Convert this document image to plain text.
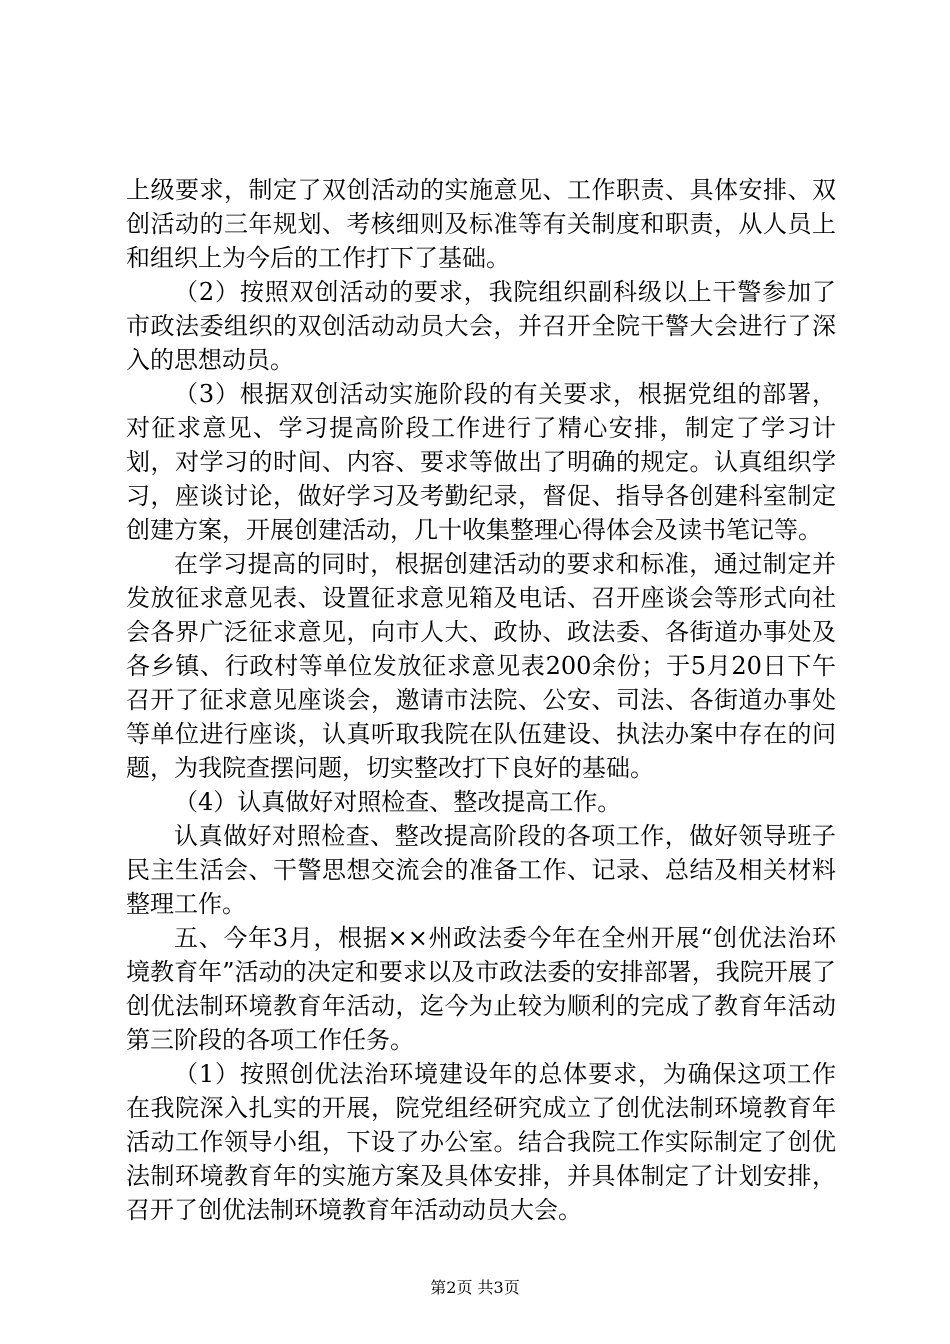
上级要求，制定了双创活动的实施意见、工作职责、具体安排、双创活动的三年规划、考核细则及标准等有关制度和职责，从人员上和组织上为今后的工作打下了基础。

（2）按照双创活动的要求，我院组织副科级以上干警参加了市政法委组织的双创活动动员大会，并召开全院干警大会进行了深入的思想动员。

（3）根据双创活动实施阶段的有关要求，根据党组的部署，对征求意见、学习提高阶段工作进行了精心安排，制定了学习计划，对学习的时间、内容、要求等做出了明确的规定。认真组织学习，座谈讨论，做好学习及考勤纪录，督促、指导各创建科室制定创建方案，开展创建活动，几十收集整理心得体会及读书笔记等。

在学习提高的同时，根据创建活动的要求和标准，通过制定并发放征求意见表、设置征求意见箱及电话、召开座谈会等形式向社会各界广泛征求意见，向市人大、政协、政法委、各街道办事处及各乡镇、行政村等单位发放征求意见表200余份；于5月20日下午召开了征求意见座谈会，邀请市法院、公安、司法、各街道办事处等单位进行座谈，认真听取我院在队伍建设、执法办案中存在的问题，为我院查摆问题，切实整改打下良好的基础。

（4）认真做好对照检查、整改提高工作。

认真做好对照检查、整改提高阶段的各项工作，做好领导班子民主生活会、干警思想交流会的准备工作、记录、总结及相关材料整理工作。

五、今年3月，根据××州政法委今年在全州开展“创优法治环境教育年”活动的决定和要求以及市政法委的安排部署，我院开展了创优法制环境教育年活动，迄今为止较为顺利的完成了教育年活动第三阶段的各项工作任务。

（1）按照创优法治环境建设年的总体要求，为确保这项工作在我院深入扎实的开展，院党组经研究成立了创优法制环境教育年活动工作领导小组，下设了办公室。结合我院工作实际制定了创优法制环境教育年的实施方案及具体安排，并具体制定了计划安排，召开了创优法制环境教育年活动动员大会。

第2页 共3页
